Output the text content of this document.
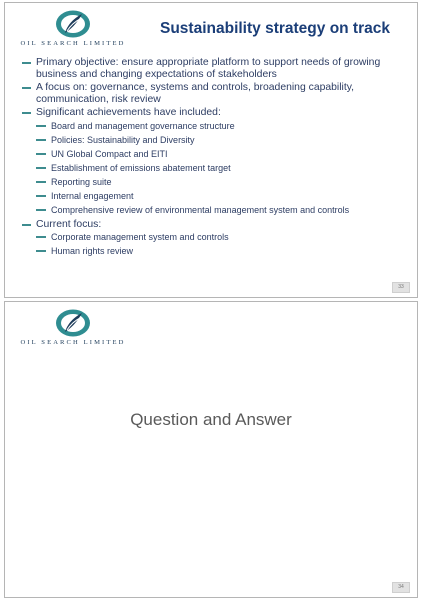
OIL SEARCH LIMITED
Sustainability strategy on track
Primary objective: ensure appropriate platform to support needs of growing business and changing expectations of stakeholders
A focus on: governance, systems and controls, broadening capability, communication, risk review
Significant achievements have included:
Board and management governance structure
Policies: Sustainability and Diversity
UN Global Compact and EITI
Establishment of emissions abatement target
Reporting suite
Internal engagement
Comprehensive review of environmental management system and controls
Current focus:
Corporate management system and controls
Human rights review
33
OIL SEARCH LIMITED
Question and Answer
34
